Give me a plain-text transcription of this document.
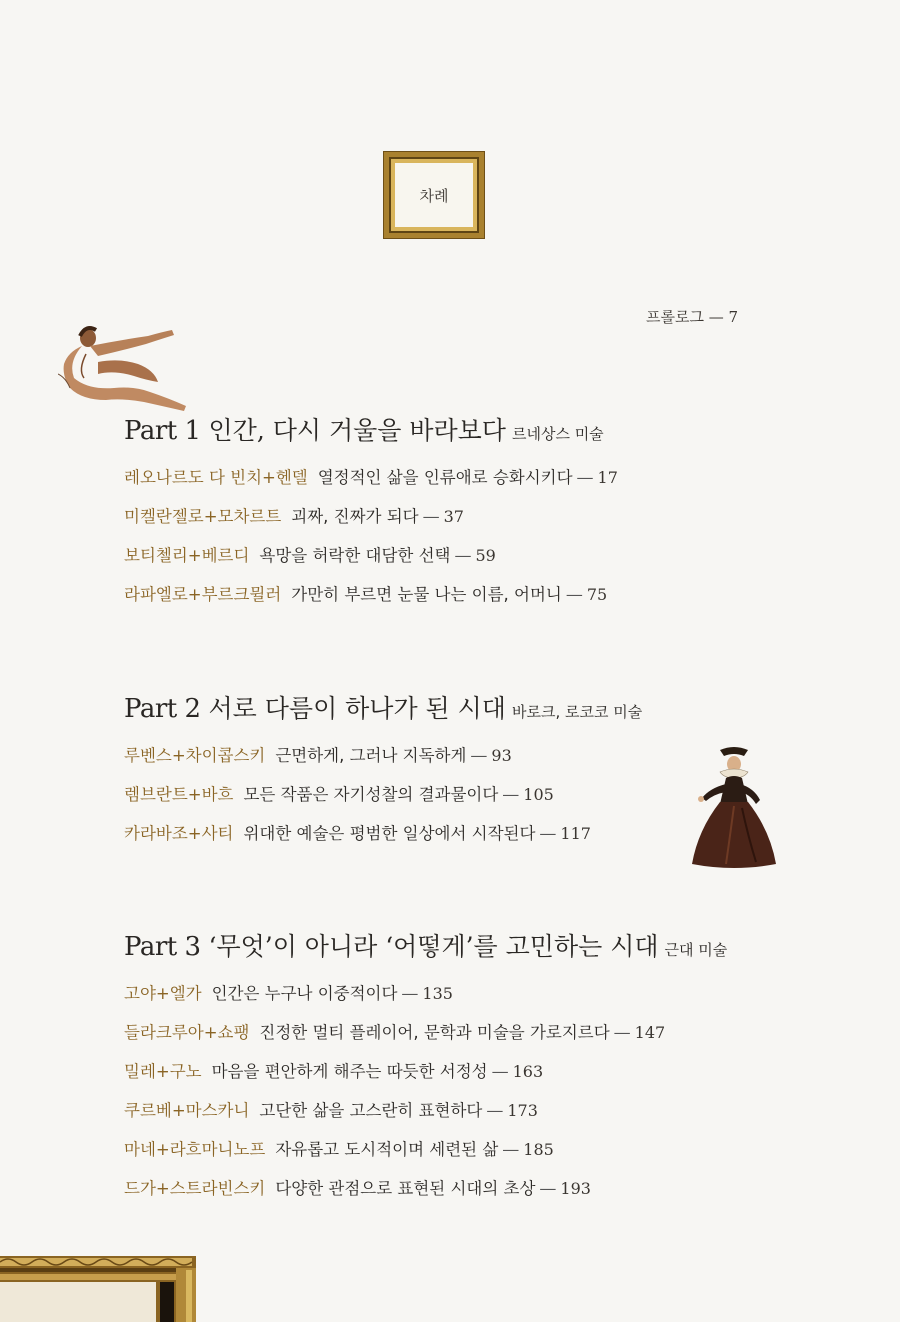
차례
프롤로그 — 7
Part 1 인간, 다시 거울을 바라보다 르네상스 미술
레오나르도 다 빈치+헨델 열정적인 삶을 인류애로 승화시키다 — 17
미켈란젤로+모차르트 괴짜, 진짜가 되다 — 37
보티첼리+베르디 욕망을 허락한 대담한 선택 — 59
라파엘로+부르크뮐러 가만히 부르면 눈물 나는 이름, 어머니 — 75
Part 2 서로 다름이 하나가 된 시대 바로크, 로코코 미술
루벤스+차이콥스키 근면하게, 그러나 지독하게 — 93
렘브란트+바흐 모든 작품은 자기성찰의 결과물이다 — 105
카라바조+사티 위대한 예술은 평범한 일상에서 시작된다 — 117
Part 3 ‘무엇’이 아니라 ‘어떻게’를 고민하는 시대 근대 미술
고야+엘가 인간은 누구나 이중적이다 — 135
들라크루아+쇼팽 진정한 멀티 플레이어, 문학과 미술을 가로지르다 — 147
밀레+구노 마음을 편안하게 해주는 따듯한 서정성 — 163
쿠르베+마스카니 고단한 삶을 고스란히 표현하다 — 173
마네+라흐마니노프 자유롭고 도시적이며 세련된 삶 — 185
드가+스트라빈스키 다양한 관점으로 표현된 시대의 초상 — 193
